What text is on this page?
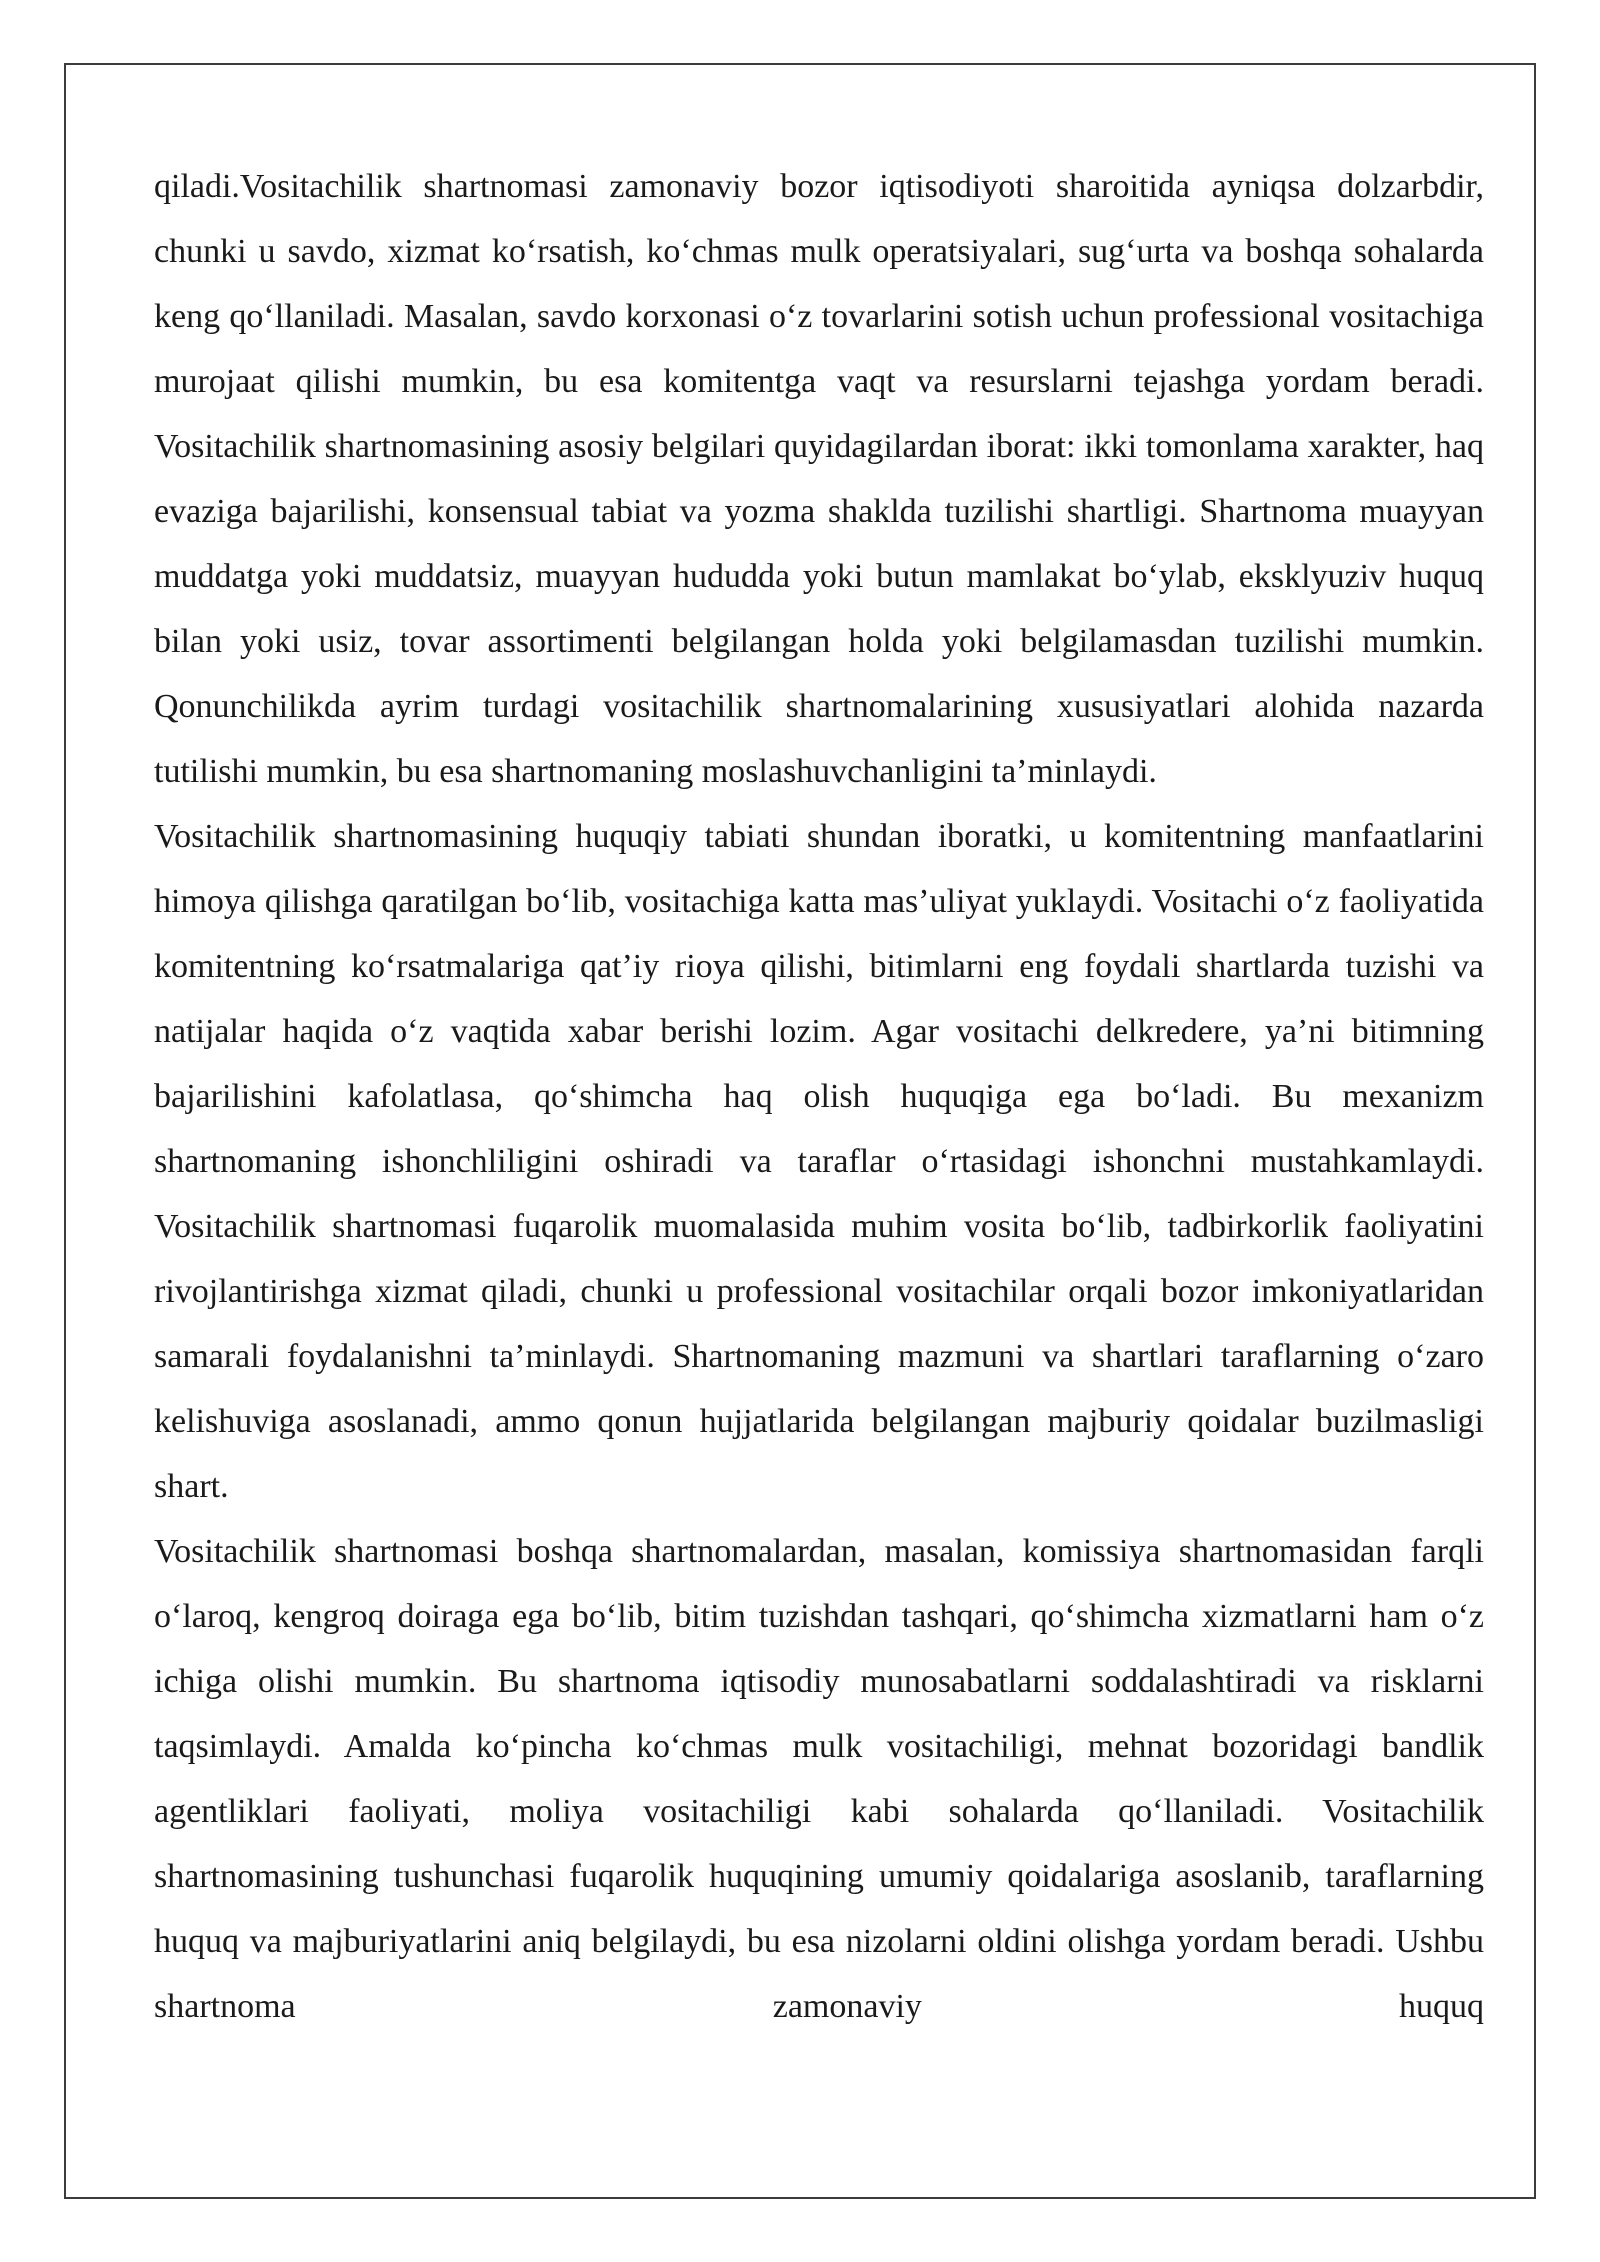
qiladi.Vositachilik shartnomasi zamonaviy bozor iqtisodiyoti sharoitida ayniqsa dolzarbdir, chunki u savdo, xizmat ko‘rsatish, ko‘chmas mulk operatsiyalari, sug‘urta va boshqa sohalarda keng qo‘llaniladi. Masalan, savdo korxonasi o‘z tovarlarini sotish uchun professional vositachiga murojaat qilishi mumkin, bu esa komitentga vaqt va resurslarni tejashga yordam beradi. Vositachilik shartnomasining asosiy belgilari quyidagilardan iborat: ikki tomonlama xarakter, haq evaziga bajarilishi, konsensual tabiat va yozma shaklda tuzilishi shartligi. Shartnoma muayyan muddatga yoki muddatsiz, muayyan hududda yoki butun mamlakat bo‘ylab, eksklyuziv huquq bilan yoki usiz, tovar assortimenti belgilangan holda yoki belgilamasdan tuzilishi mumkin. Qonunchilikda ayrim turdagi vositachilik shartnomalarining xususiyatlari alohida nazarda tutilishi mumkin, bu esa shartnomaning moslashuvchanligini ta’minlaydi.

Vositachilik shartnomasining huquqiy tabiati shundan iboratki, u komitentning manfaatlarini himoya qilishga qaratilgan bo‘lib, vositachiga katta mas’uliyat yuklaydi. Vositachi o‘z faoliyatida komitentning ko‘rsatmalariga qat’iy rioya qilishi, bitimlarni eng foydali shartlarda tuzishi va natijalar haqida o‘z vaqtida xabar berishi lozim. Agar vositachi delkredere, ya’ni bitimning bajarilishini kafolatlasa, qo‘shimcha haq olish huquqiga ega bo‘ladi. Bu mexanizm shartnomaning ishonchliligini oshiradi va taraflar o‘rtasidagi ishonchni mustahkamlaydi. Vositachilik shartnomasi fuqarolik muomalasida muhim vosita bo‘lib, tadbirkorlik faoliyatini rivojlantirishga xizmat qiladi, chunki u professional vositachilar orqali bozor imkoniyatlaridan samarali foydalanishni ta’minlaydi. Shartnomaning mazmuni va shartlari taraflarning o‘zaro kelishuviga asoslanadi, ammo qonun hujjatlarida belgilangan majburiy qoidalar buzilmasligi shart.

Vositachilik shartnomasi boshqa shartnomalardan, masalan, komissiya shartnomasidan farqli o‘laroq, kengroq doiraga ega bo‘lib, bitim tuzishdan tashqari, qo‘shimcha xizmatlarni ham o‘z ichiga olishi mumkin. Bu shartnoma iqtisodiy munosabatlarni soddalashtiradi va risklarni taqsimlaydi. Amalda ko‘pincha ko‘chmas mulk vositachiligi, mehnat bozoridagi bandlik agentliklari faoliyati, moliya vositachiligi kabi sohalarda qo‘llaniladi. Vositachilik shartnomasining tushunchasi fuqarolik huquqining umumiy qoidalariga asoslanib, taraflarning huquq va majburiyatlarini aniq belgilaydi, bu esa nizolarni oldini olishga yordam beradi. Ushbu shartnoma zamonaviy huquq
